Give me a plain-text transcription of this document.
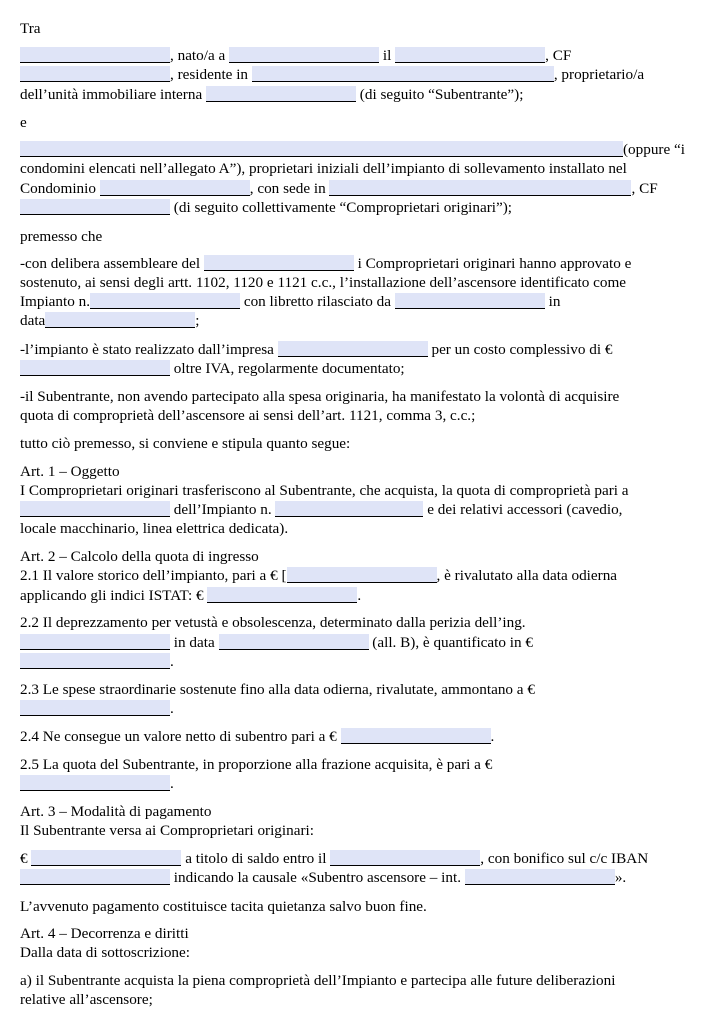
Tra
, nato/a a	il	, CF
, residente in	, proprietario/a
dell’unità immobiliare interna	(di seguito “Subentrante”);
e
(oppure “i
condomini elencati nell’allegato A”), proprietari iniziali dell’impianto di sollevamento installato nel
Condominio	, con sede in	, CF
(di seguito collettivamente “Comproprietari originari”);
premesso che
-con delibera assembleare del	i Comproprietari originari hanno approvato e
sostenuto, ai sensi degli artt. 1102, 1120 e 1121 c.c., l’installazione dell’ascensore identificato come
Impianto n.	con libretto rilasciato da	in
data	;
-l’impianto è stato realizzato dall’impresa	per un costo complessivo di €
oltre IVA, regolarmente documentato;
-il Subentrante, non avendo partecipato alla spesa originaria, ha manifestato la volontà di acquisire
quota di comproprietà dell’ascensore ai sensi dell’art. 1121, comma 3, c.c.;
tutto ciò premesso, si conviene e stipula quanto segue:
Art. 1 – Oggetto
I Comproprietari originari trasferiscono al Subentrante, che acquista, la quota di comproprietà pari a
dell’Impianto n.	e dei relativi accessori (cavedio,
locale macchinario, linea elettrica dedicata).
Art. 2 – Calcolo della quota di ingresso
2.1 Il valore storico dell’impianto, pari a € [	, è rivalutato alla data odierna
applicando gli indici ISTAT: €	.
2.2 Il deprezzamento per vetustà e obsolescenza, determinato dalla perizia dell’ing.
in data	(all. B), è quantificato in €
.
2.3 Le spese straordinarie sostenute fino alla data odierna, rivalutate, ammontano a €
.
2.4 Ne consegue un valore netto di subentro pari a €	.
2.5 La quota del Subentrante, in proporzione alla frazione acquisita, è pari a €
.
Art. 3 – Modalità di pagamento
Il Subentrante versa ai Comproprietari originari:
€	a titolo di saldo entro il	, con bonifico sul c/c IBAN
indicando la causale «Subentro ascensore – int.	».
L’avvenuto pagamento costituisce tacita quietanza salvo buon fine.
Art. 4 – Decorrenza e diritti
Dalla data di sottoscrizione:
a) il Subentrante acquista la piena comproprietà dell’Impianto e partecipa alle future deliberazioni
relative all’ascensore;
